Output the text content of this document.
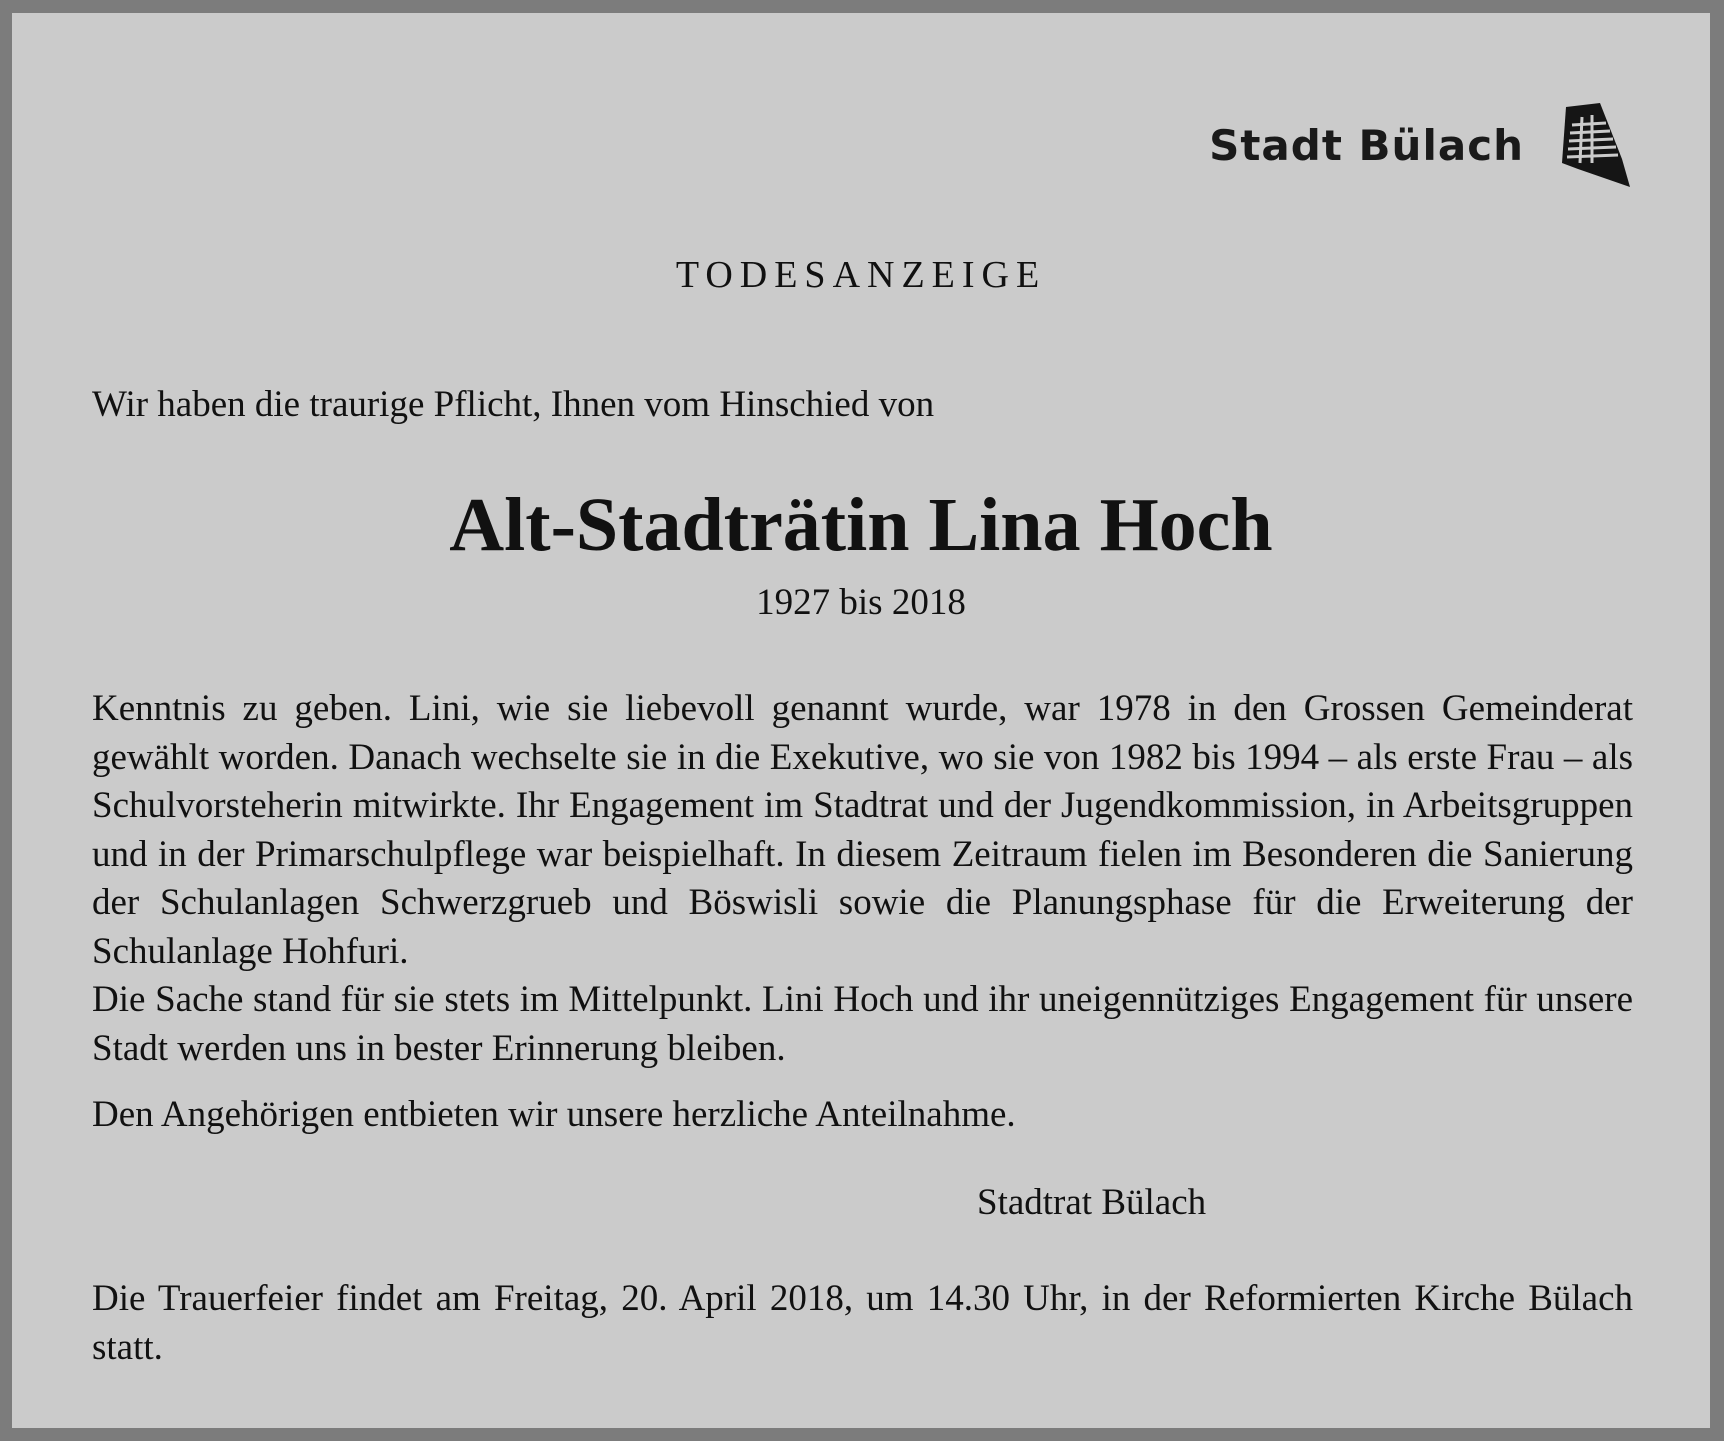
Stadt Bülach
TODESANZEIGE
Wir haben die traurige Pflicht, Ihnen vom Hinschied von
Alt-Stadträtin Lina Hoch
1927 bis 2018

Kenntnis zu geben. Lini, wie sie liebevoll genannt wurde, war 1978 in den Grossen Gemeinderat gewählt worden. Danach wechselte sie in die Exekutive, wo sie von 1982 bis 1994 – als erste Frau – als Schulvorsteherin mitwirkte. Ihr Engagement im Stadtrat und der Jugendkommission, in Arbeitsgruppen und in der Primarschulpflege war beispielhaft. In diesem Zeitraum fielen im Besonderen die Sanierung der Schulanlagen Schwerzgrueb und Böswisli sowie die Planungsphase für die Erweiterung der Schulanlage Hohfuri.

Die Sache stand für sie stets im Mittelpunkt. Lini Hoch und ihr uneigennütziges Engagement für unsere Stadt werden uns in bester Erinnerung bleiben.

Den Angehörigen entbieten wir unsere herzliche Anteilnahme.
Stadtrat Bülach
Die Trauerfeier findet am Freitag, 20. April 2018, um 14.30 Uhr, in der Reformierten Kirche Bülach statt.
